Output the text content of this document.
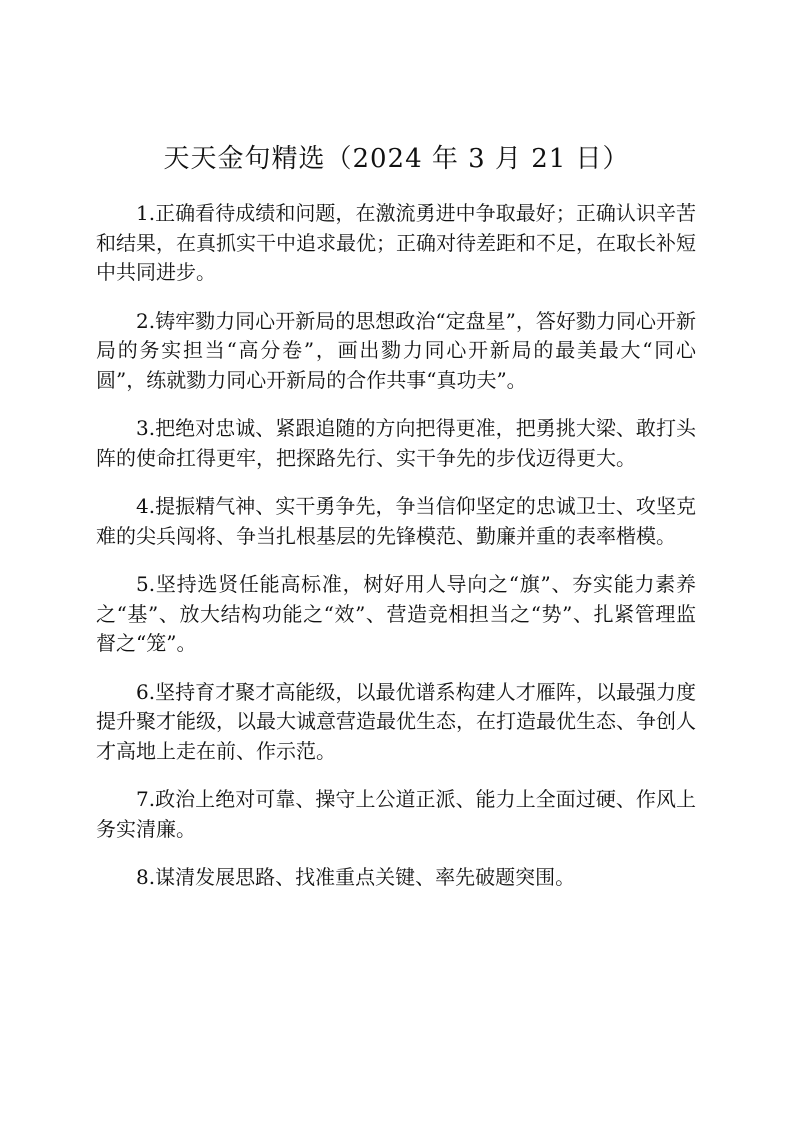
天天金句精选（2024 年 3 月 21 日）

1.正确看待成绩和问题，在激流勇进中争取最好；正确认识辛苦和结果，在真抓实干中追求最优；正确对待差距和不足，在取长补短中共同进步。

2.铸牢勠力同心开新局的思想政治“定盘星”，答好勠力同心开新局的务实担当“高分卷”，画出勠力同心开新局的最美最大“同心圆”，练就勠力同心开新局的合作共事“真功夫”。

3.把绝对忠诚、紧跟追随的方向把得更准，把勇挑大梁、敢打头阵的使命扛得更牢，把探路先行、实干争先的步伐迈得更大。

4.提振精气神、实干勇争先，争当信仰坚定的忠诚卫士、攻坚克难的尖兵闯将、争当扎根基层的先锋模范、勤廉并重的表率楷模。

5.坚持选贤任能高标准，树好用人导向之“旗”、夯实能力素养之“基”、放大结构功能之“效”、营造竞相担当之“势”、扎紧管理监督之“笼”。

6.坚持育才聚才高能级，以最优谱系构建人才雁阵，以最强力度提升聚才能级，以最大诚意营造最优生态，在打造最优生态、争创人才高地上走在前、作示范。

7.政治上绝对可靠、操守上公道正派、能力上全面过硬、作风上务实清廉。

8.谋清发展思路、找准重点关键、率先破题突围。
